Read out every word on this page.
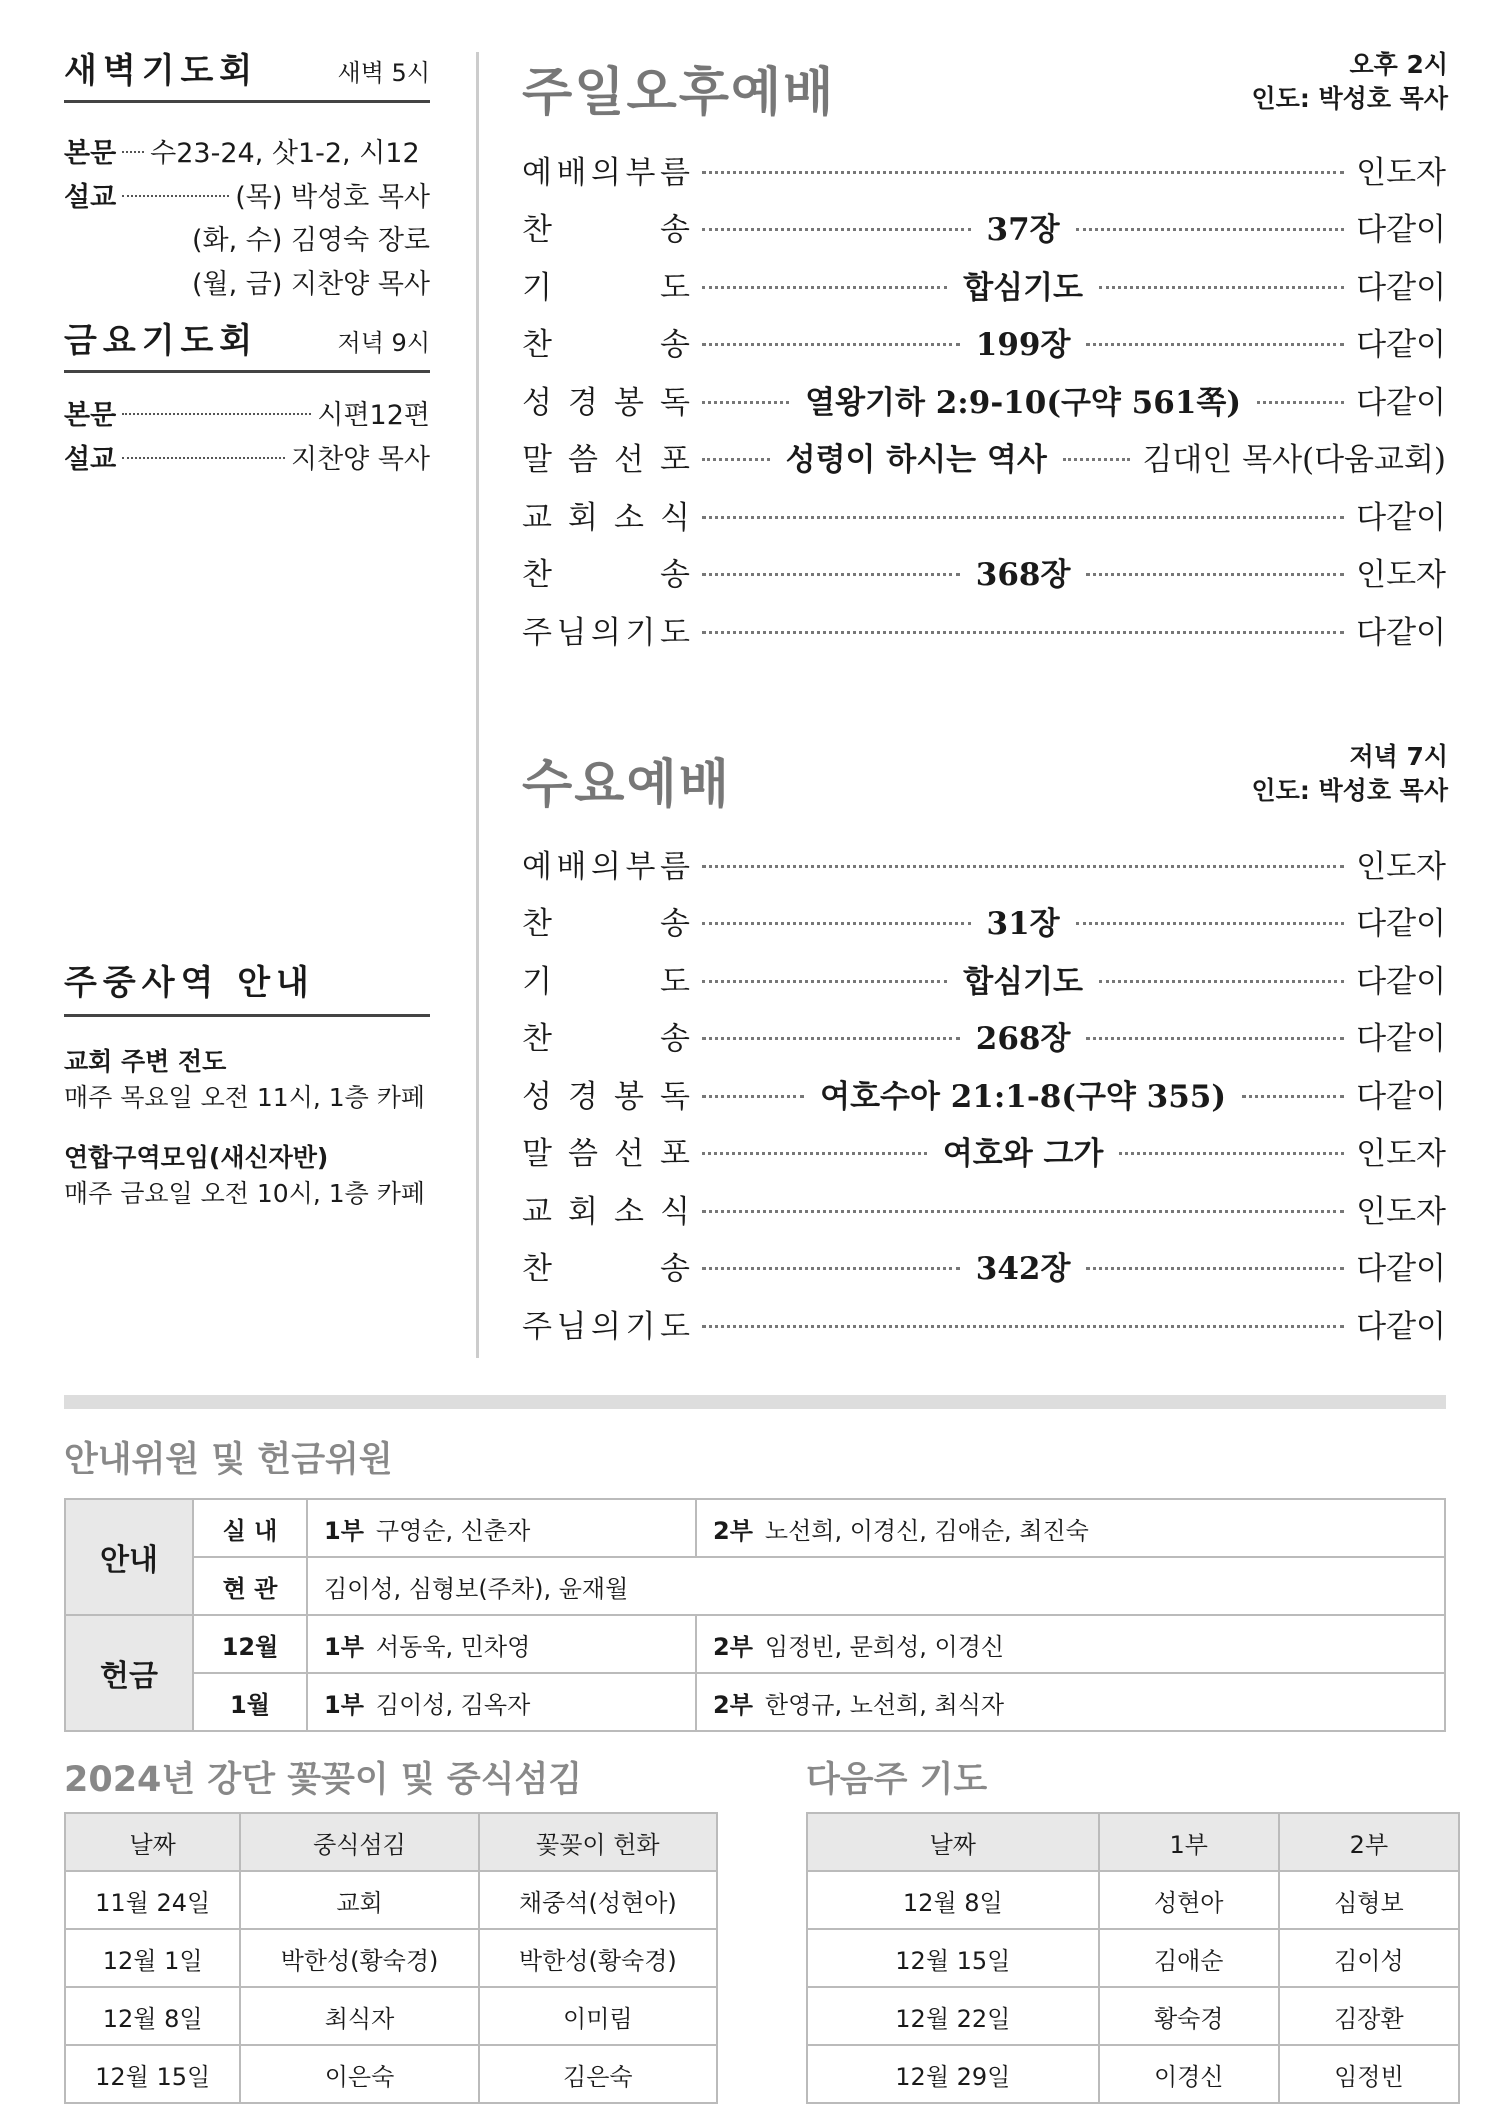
새벽기도회	새벽 5시
본문 수23-24, 삿1-2, 시12
설교	(목) 박성호 목사
(화, 수) 김영숙 장로
(월, 금) 지찬양 목사
금요기도회	저녁 9시
본문	시편12편
설교	지찬양 목사
주중사역 안내
교회 주변 전도
매주 목요일 오전 11시, 1층 카페
연합구역모임(새신자반)
매주 금요일 오전 10시, 1층 카페
주일오후예배	오후 2시
인도: 박성호 목사
예 배 의 부 름	인도자
찬	송	37장	다같이
기	도	합심기도	다같이
찬	송	199장	다같이
성 경 봉 독	열왕기하 2:9-10(구약 561쪽)	다같이
말 씀 선 포	성령이 하시는 역사	김대인 목사(다움교회)
교 회 소 식	다같이
찬	송	368장	인도자
주 님 의 기 도	다같이
수요예배	저녁 7시
인도: 박성호 목사
예 배 의 부 름	인도자
찬	송	31장	다같이
기	도	합심기도	다같이
찬	송	268장	다같이
성 경 봉 독	여호수아 21:1-8(구약 355)	다같이
말 씀 선 포	여호와 그가	인도자
교 회 소 식	인도자
찬	송	342장	다같이
주 님 의 기 도	다같이
안내위원 및 헌금위원
안내	실 내	1부 구영순, 신춘자	2부 노선희, 이경신, 김애순, 최진숙
	현 관	김이성, 심형보(주차), 윤재월	
헌금	12월	1부 서동욱, 민차영	2부 임정빈, 문희성, 이경신
	1월	1부 김이성, 김옥자	2부 한영규, 노선희, 최식자
2024년 강단 꽃꽂이 및 중식섬김
날짜	중식섬김	꽃꽂이 헌화
11월 24일	교회	채중석(성현아)
12월 1일	박한성(황숙경)	박한성(황숙경)
12월 8일	최식자	이미림
12월 15일	이은숙	김은숙
다음주 기도
날짜	1부	2부
12월 8일	성현아	심형보
12월 15일	김애순	김이성
12월 22일	황숙경	김장환
12월 29일	이경신	임정빈
